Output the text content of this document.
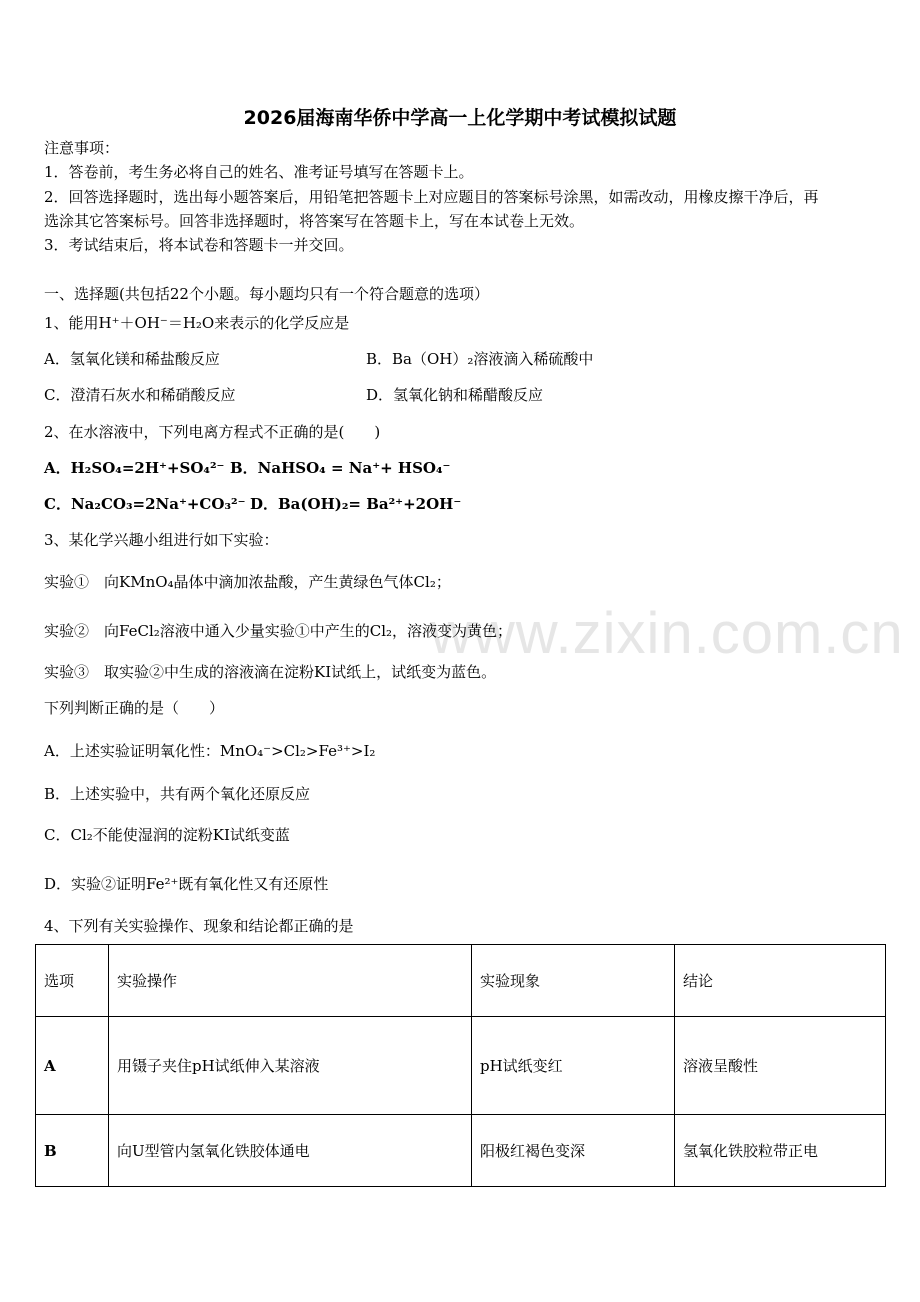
www.zixin.com.cn
2026届海南华侨中学高一上化学期中考试模拟试题
注意事项：
1．答卷前，考生务必将自己的姓名、准考证号填写在答题卡上。
2．回答选择题时，选出每小题答案后，用铅笔把答题卡上对应题目的答案标号涂黑，如需改动，用橡皮擦干净后，再
选涂其它答案标号。回答非选择题时，将答案写在答题卡上，写在本试卷上无效。
3．考试结束后，将本试卷和答题卡一并交回。
一、选择题(共包括22个小题。每小题均只有一个符合题意的选项）
1、能用H⁺＋OH⁻＝H₂O来表示的化学反应是
A．氢氧化镁和稀盐酸反应	B．Ba（OH）₂溶液滴入稀硫酸中
C．澄清石灰水和稀硝酸反应	D．氢氧化钠和稀醋酸反应
2、在水溶液中，下列电离方程式不正确的是(　　)
A．H₂SO₄=2H⁺+SO₄²⁻ B．NaHSO₄ = Na⁺+ HSO₄⁻
C．Na₂CO₃=2Na⁺+CO₃²⁻ D．Ba(OH)₂= Ba²⁺+2OH⁻
3、某化学兴趣小组进行如下实验：
实验①　向KMnO₄晶体中滴加浓盐酸，产生黄绿色气体Cl₂；
实验②　向FeCl₂溶液中通入少量实验①中产生的Cl₂，溶液变为黄色；
实验③　取实验②中生成的溶液滴在淀粉KI试纸上，试纸变为蓝色。
下列判断正确的是（　　）
A．上述实验证明氧化性：MnO₄⁻>Cl₂>Fe³⁺>I₂
B．上述实验中，共有两个氧化还原反应
C．Cl₂不能使湿润的淀粉KI试纸变蓝
D．实验②证明Fe²⁺既有氧化性又有还原性
4、下列有关实验操作、现象和结论都正确的是
选项	实验操作	实验现象	结论
A	用镊子夹住pH试纸伸入某溶液	pH试纸变红	溶液呈酸性
B	向U型管内氢氧化铁胶体通电	阳极红褐色变深	氢氧化铁胶粒带正电
